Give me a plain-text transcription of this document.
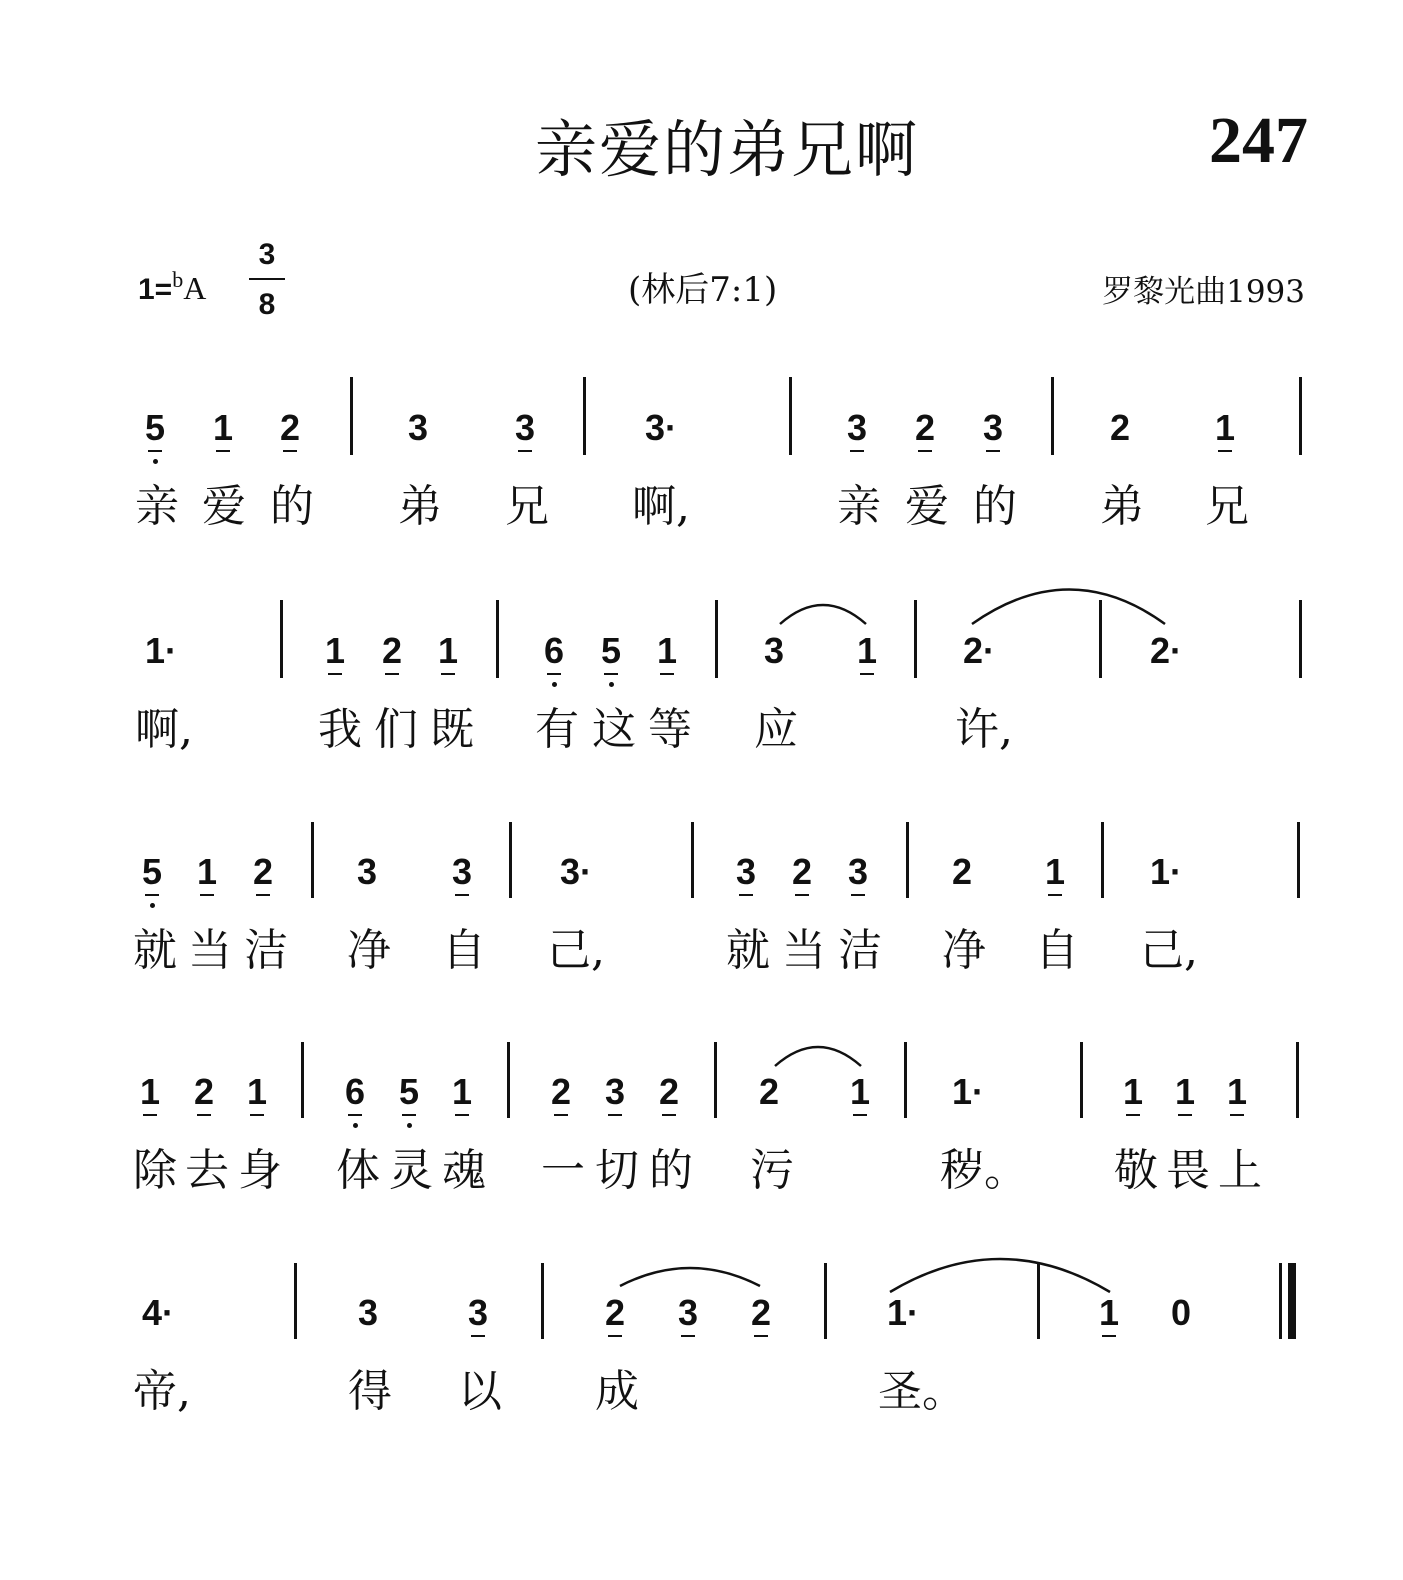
亲爱的弟兄啊	247
1=$^b$A
3
8	(林后7:1)	罗黎光曲1993
5 1 2	3 3	3·	3 2 3	2 1
亲 爱 的 弟 兄 啊,	亲 爱 的 弟 兄
1·	1 2 1 6 5 1 3 1 2·	2·
啊,	我 们 既 有 这 等 应	许,
5 1 2 3 3 3·	3 2 3 2 1 1·
就 当 洁 净 自 己,	就 当 洁 净 自 己,
1 2 1 6 5 1 2 3 2 2 1 1·	1 1 1
除 去 身 体 灵 魂 一 切 的 污	秽。 敬 畏 上
4·	3 3	2 3 2	1·	1 0
帝,	得 以 成	圣。
